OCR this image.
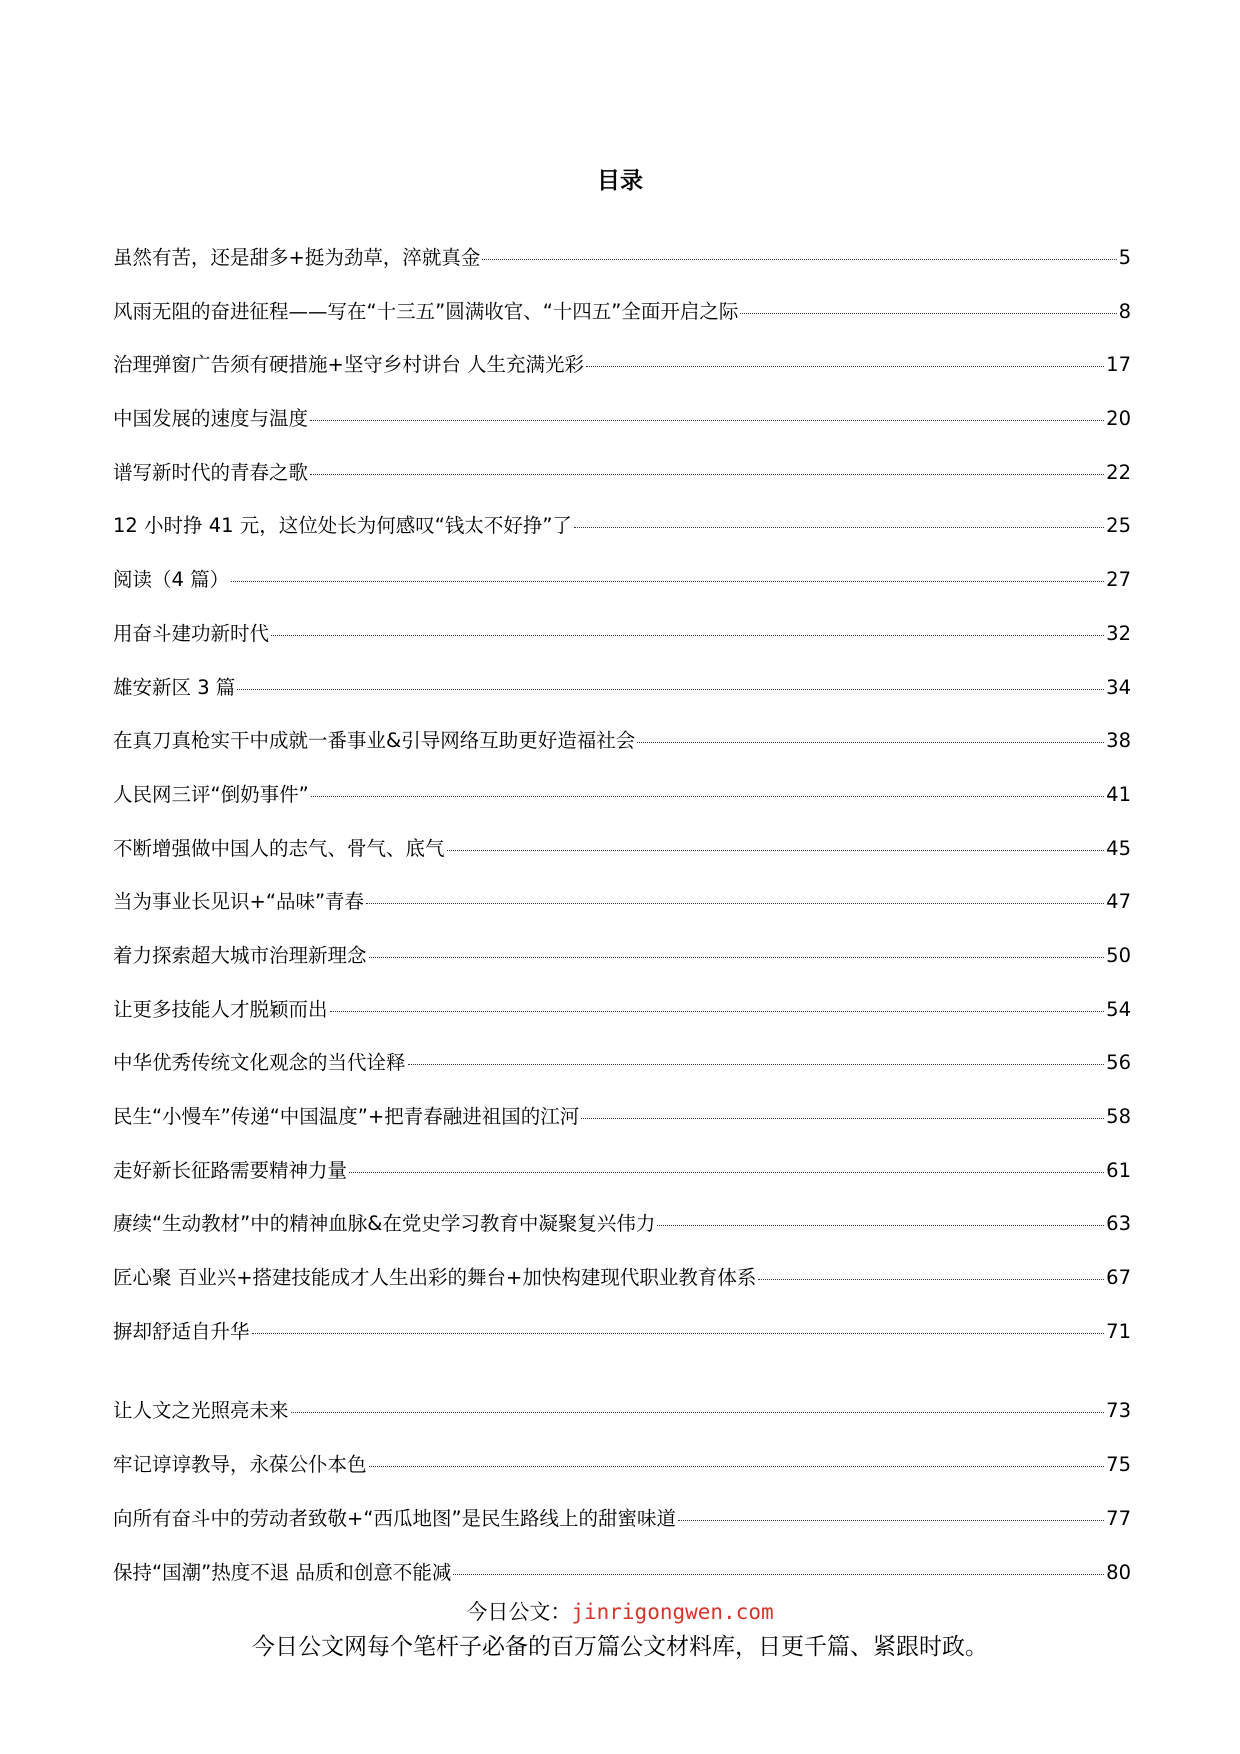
目录
虽然有苦，还是甜多+挺为劲草，淬就真金	5
风雨无阻的奋进征程——写在“十三五”圆满收官、“十四五”全面开启之际	8
治理弹窗广告须有硬措施+坚守乡村讲台 人生充满光彩	17
中国发展的速度与温度	20
谱写新时代的青春之歌	22
12 小时挣 41 元，这位处长为何感叹“钱太不好挣”了	25
阅读（4 篇）	27
用奋斗建功新时代	32
雄安新区 3 篇	34
在真刀真枪实干中成就一番事业&引导网络互助更好造福社会	38
人民网三评“倒奶事件”	41
不断增强做中国人的志气、骨气、底气	45
当为事业长见识+“品味”青春	47
着力探索超大城市治理新理念	50
让更多技能人才脱颖而出	54
中华优秀传统文化观念的当代诠释	56
民生“小慢车”传递“中国温度”+把青春融进祖国的江河	58
走好新长征路需要精神力量	61
赓续“生动教材”中的精神血脉&在党史学习教育中凝聚复兴伟力	63
匠心聚 百业兴+搭建技能成才人生出彩的舞台+加快构建现代职业教育体系	67
摒却舒适自升华	71
让人文之光照亮未来	73
牢记谆谆教导，永葆公仆本色	75
向所有奋斗中的劳动者致敬+“西瓜地图”是民生路线上的甜蜜味道	77
保持“国潮”热度不退 品质和创意不能减	80
今日公文：jinrigongwen.com
今日公文网每个笔杆子必备的百万篇公文材料库，日更千篇、紧跟时政。
